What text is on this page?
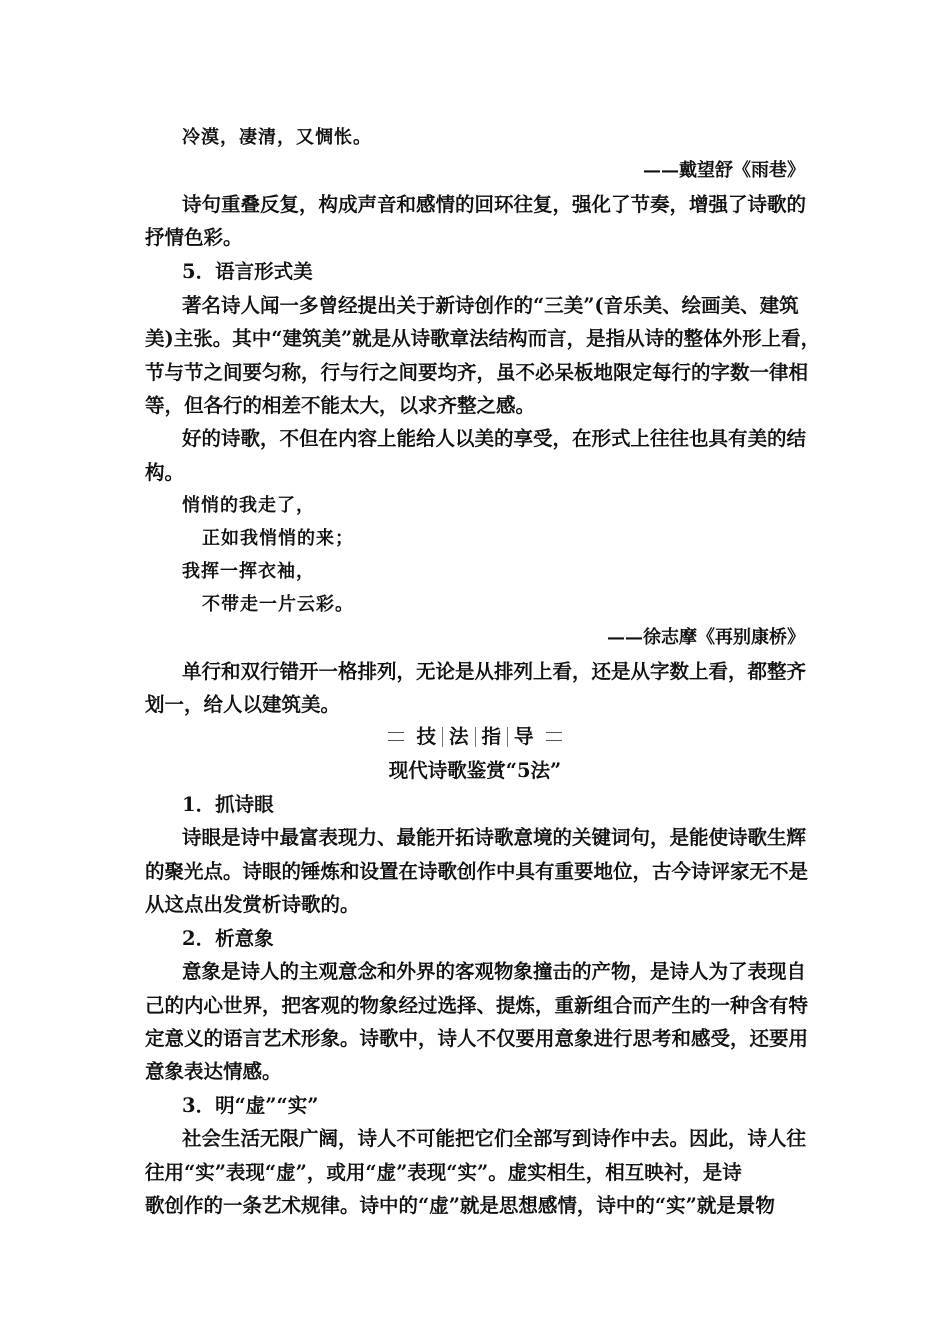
冷漠，凄清，又惆怅。
——戴望舒《雨巷》
诗句重叠反复，构成声音和感情的回环往复，强化了节奏，增强了诗歌的
抒情色彩。
5．语言形式美
著名诗人闻一多曾经提出关于新诗创作的“三美”(音乐美、绘画美、建筑
美)主张。其中“建筑美”就是从诗歌章法结构而言，是指从诗的整体外形上看，
节与节之间要匀称，行与行之间要均齐，虽不必呆板地限定每行的字数一律相
等，但各行的相差不能太大，以求齐整之感。
好的诗歌，不但在内容上能给人以美的享受，在形式上往往也具有美的结
构。
悄悄的我走了，
正如我悄悄的来；
我挥一挥衣袖，
不带走一片云彩。
——徐志摩《再别康桥》
单行和双行错开一格排列，无论是从排列上看，还是从字数上看，都整齐
划一，给人以建筑美。
技 法 指 导
现代诗歌鉴赏“5法”
1．抓诗眼
诗眼是诗中最富表现力、最能开拓诗歌意境的关键词句，是能使诗歌生辉
的聚光点。诗眼的锤炼和设置在诗歌创作中具有重要地位，古今诗评家无不是
从这点出发赏析诗歌的。
2．析意象
意象是诗人的主观意念和外界的客观物象撞击的产物，是诗人为了表现自
己的内心世界，把客观的物象经过选择、提炼，重新组合而产生的一种含有特
定意义的语言艺术形象。诗歌中，诗人不仅要用意象进行思考和感受，还要用
意象表达情感。
3．明“虚”“实”
社会生活无限广阔，诗人不可能把它们全部写到诗作中去。因此，诗人往
往用“实”表现“虚”，或用“虚”表现“实”。虚实相生，相互映衬，是诗
歌创作的一条艺术规律。诗中的“虚”就是思想感情，诗中的“实”就是景物
